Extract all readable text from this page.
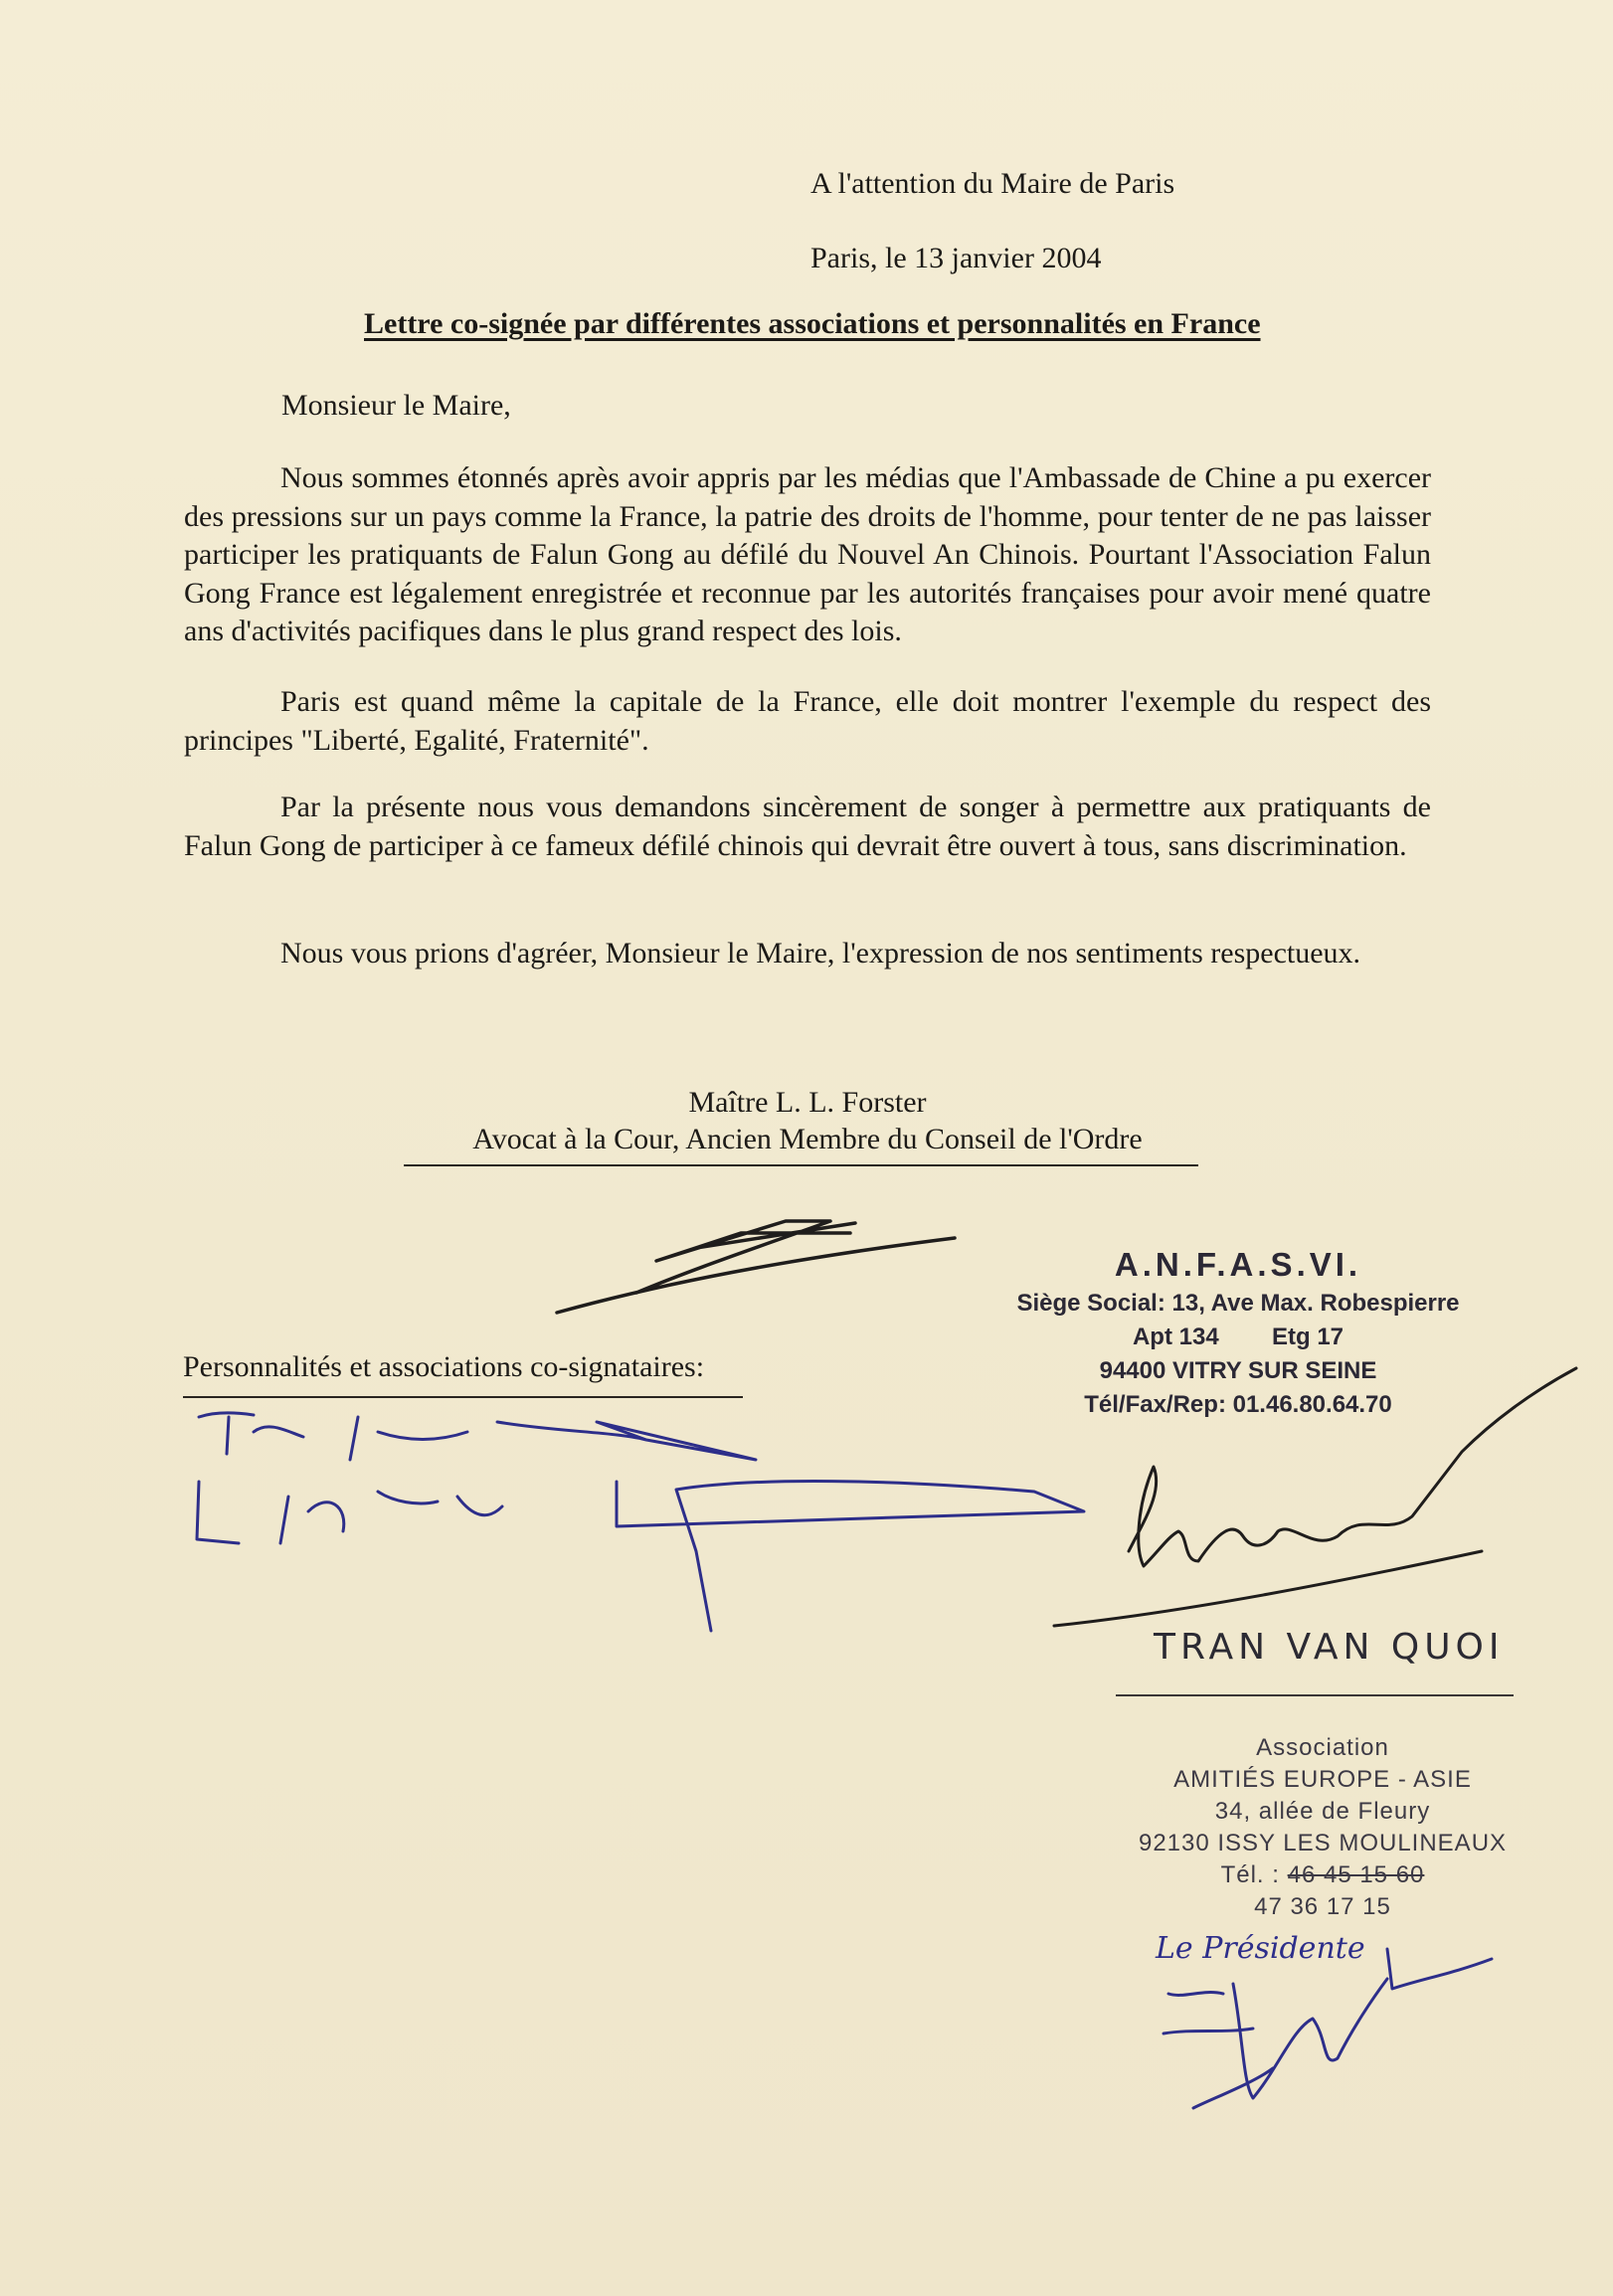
A l'attention du Maire de Paris

Paris, le 13 janvier 2004

Lettre co-signée par différentes associations et personnalités en France

Monsieur le Maire,

Nous sommes étonnés après avoir appris par les médias que l'Ambassade de Chine a pu exercer des pressions sur un pays comme la France, la patrie des droits de l'homme, pour tenter de ne pas laisser participer les pratiquants de Falun Gong au défilé du Nouvel An Chinois. Pourtant l'Association Falun Gong France est légalement enregistrée et reconnue par les autorités françaises pour avoir mené quatre ans d'activités pacifiques dans le plus grand respect des lois.

Paris est quand même la capitale de la France, elle doit montrer l'exemple du respect des principes "Liberté, Egalité, Fraternité".

Par la présente nous vous demandons sincèrement de songer à permettre aux pratiquants de Falun Gong de participer à ce fameux défilé chinois qui devrait être ouvert à tous, sans discrimination.

Nous vous prions d'agréer, Monsieur le Maire, l'expression de nos sentiments respectueux.

Maître L. L. Forster

Avocat à la Cour, Ancien Membre du Conseil de l'Ordre

Personnalités et associations co-signataires:

A.N.F.A.S.VI.
Siège Social: 13, Ave Max. Robespierre
Apt 134        Etg 17
94400 VITRY SUR SEINE
Tél/Fax/Rep: 01.46.80.64.70

TRAN VAN QUOI

Association
AMITIÉS EUROPE - ASIE
34, allée de Fleury
92130 ISSY LES MOULINEAUX
Tél. : 46 45 15 60
47 36 17 15

Le Présidente
